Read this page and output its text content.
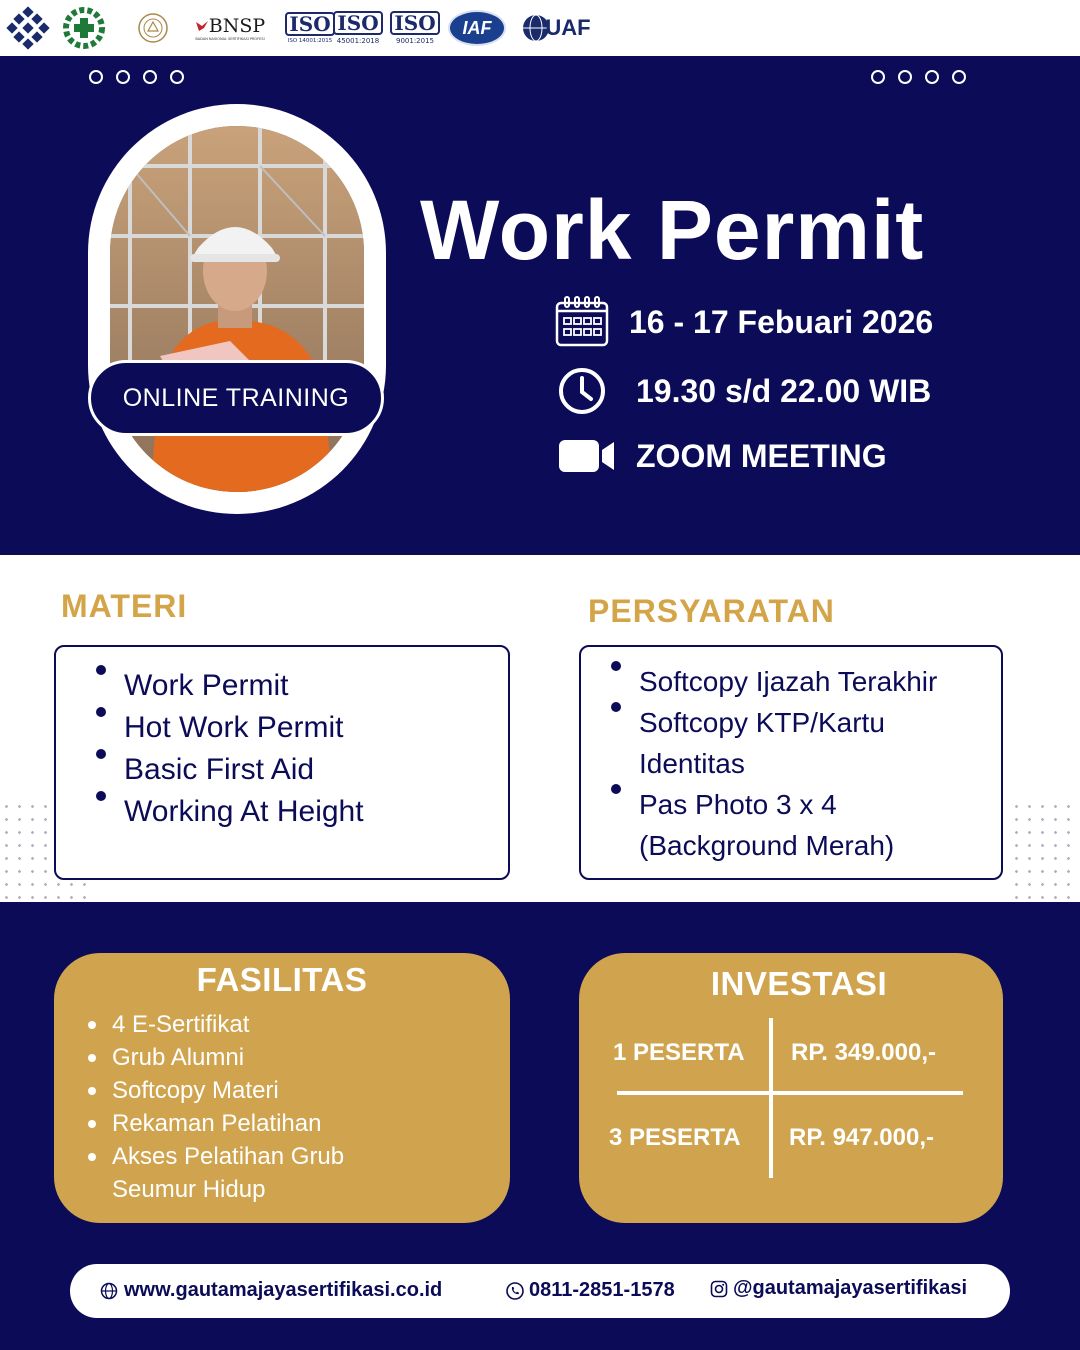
BNSP
BADAN NASIONAL SERTIFIKASI PROFESI
ISO
ISO 14001:2015
ISO
45001:2018
ISO
9001:2015
IAF UAF
ONLINE TRAINING
Work Permit
16 - 17 Febuari 2026
19.30 s/d 22.00 WIB
ZOOM MEETING
MATERI
Work Permit
Hot Work Permit
Basic First Aid
Working At Height
PERSYARATAN
Softcopy Ijazah Terakhir
Softcopy KTP/Kartu
Identitas
Pas Photo 3 x 4
(Background Merah)
FASILITAS
4 E-Sertifikat
Grub Alumni
Softcopy Materi
Rekaman Pelatihan
Akses Pelatihan Grub
Seumur Hidup
INVESTASI
1 PESERTA RP. 349.000,-
3 PESERTA RP. 947.000,-
www.gautamajayasertifikasi.co.id	0811-2851-1578	@gautamajayasertifikasi
